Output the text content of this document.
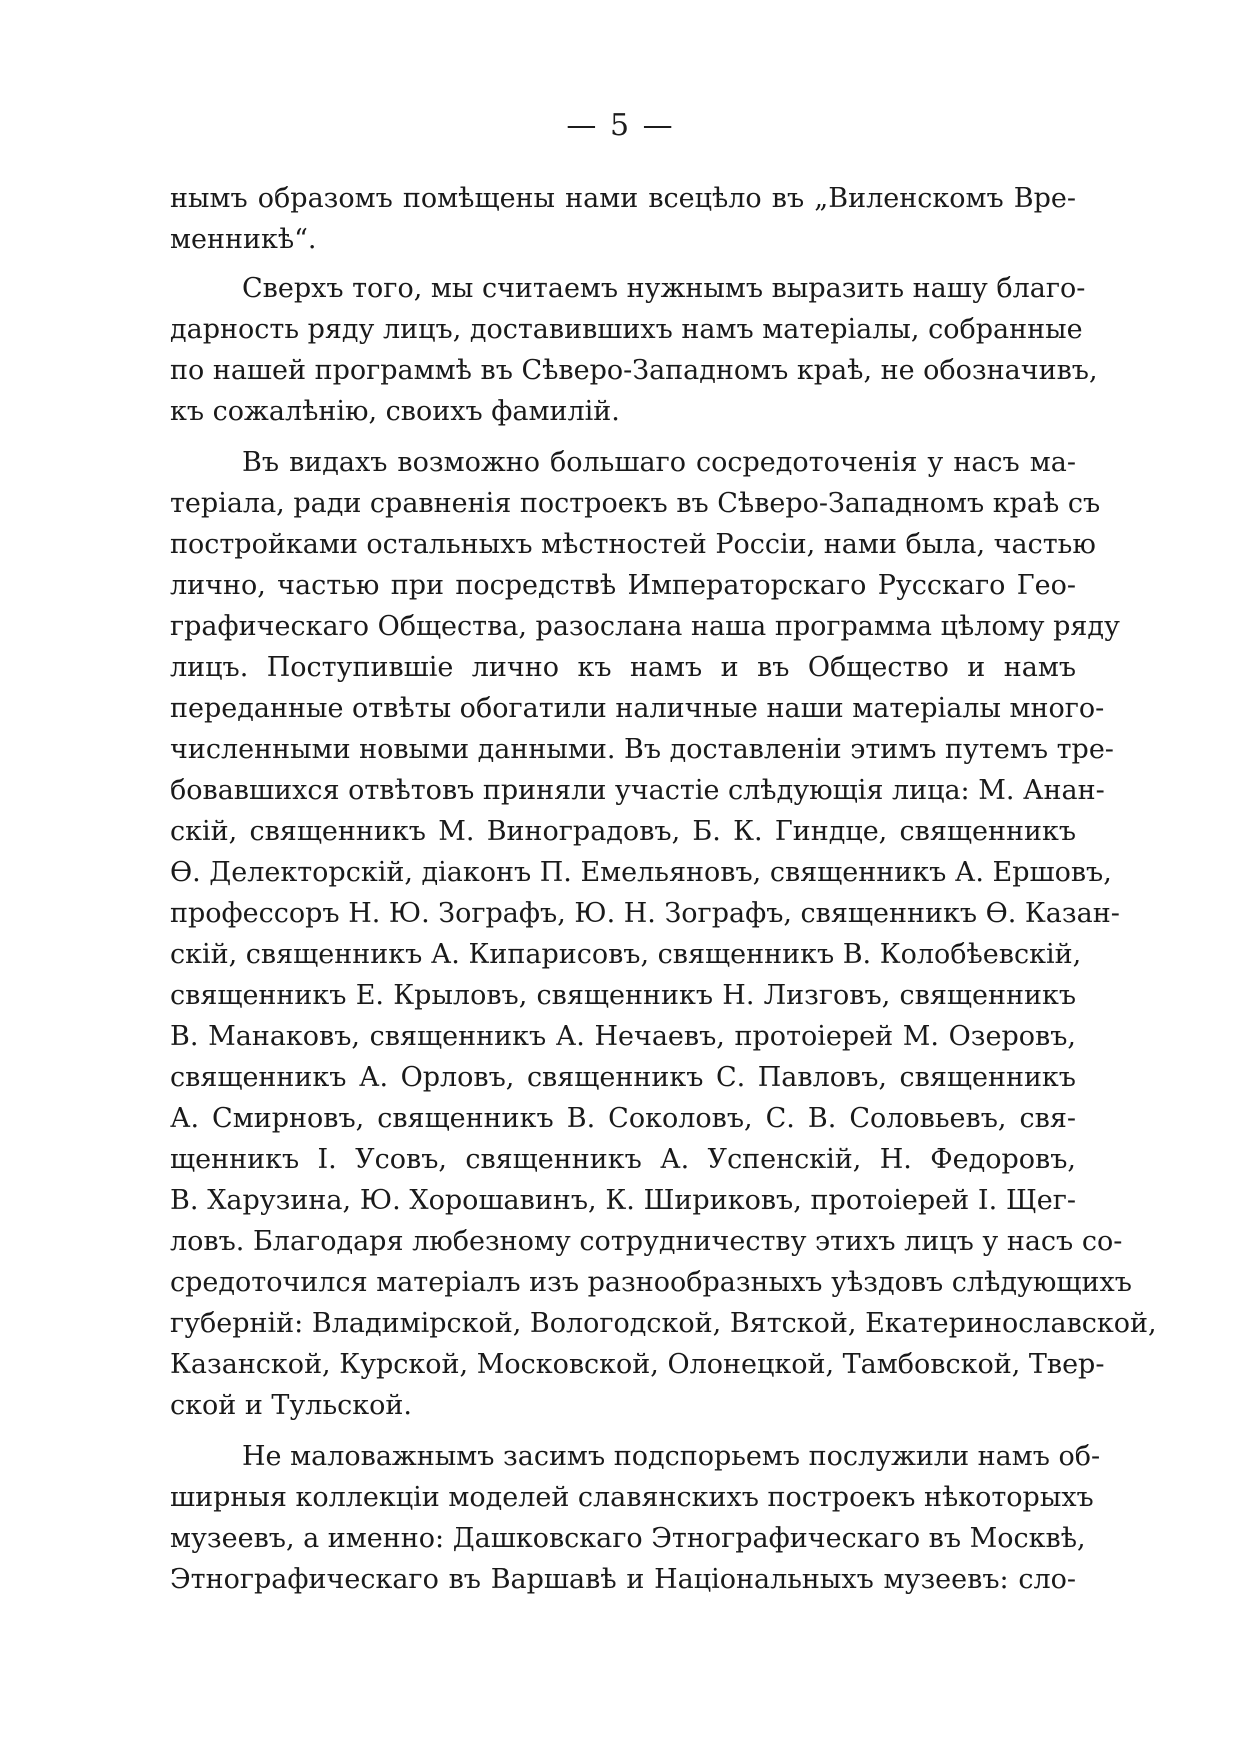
— 5 —
нымъ образомъ помѣщены нами всецѣло въ „Виленскомъ Вре-
менникѣ“.
Сверхъ того, мы считаемъ нужнымъ выразить нашу благо-
дарность ряду лицъ, доставившихъ намъ матеріалы, собранные
по нашей программѣ въ Сѣверо-Западномъ краѣ, не обозначивъ,
къ сожалѣнію, своихъ фамилій.
Въ видахъ возможно большаго сосредоточенія у насъ ма-
теріала, ради сравненія построекъ въ Сѣверо-Западномъ краѣ съ
постройками остальныхъ мѣстностей Россіи, нами была, частью
лично, частью при посредствѣ Императорскаго Русскаго Гео-
графическаго Общества, разослана наша программа цѣлому ряду
лицъ. Поступившіе лично къ намъ и въ Общество и намъ
переданные отвѣты обогатили наличные наши матеріалы много-
численными новыми данными. Въ доставленіи этимъ путемъ тре-
бовавшихся отвѣтовъ приняли участіе слѣдующія лица: М. Анан-
скій, священникъ М. Виноградовъ, Б. К. Гиндце, священникъ
Ѳ. Делекторскій, діаконъ П. Емельяновъ, священникъ А. Ершовъ,
профессоръ Н. Ю. Зографъ, Ю. Н. Зографъ, священникъ Ѳ. Казан-
скій, священникъ А. Кипарисовъ, священникъ В. Колобѣевскій,
священникъ Е. Крыловъ, священникъ Н. Лизговъ, священникъ
В. Манаковъ, священникъ А. Нечаевъ, протоіерей М. Озеровъ,
священникъ А. Орловъ, священникъ С. Павловъ, священникъ
А. Смирновъ, священникъ В. Соколовъ, С. В. Соловьевъ, свя-
щенникъ І. Усовъ, священникъ А. Успенскій, Н. Федоровъ,
В. Харузина, Ю. Хорошавинъ, К. Шириковъ, протоіерей І. Щег-
ловъ. Благодаря любезному сотрудничеству этихъ лицъ у насъ со-
средоточился матеріалъ изъ разнообразныхъ уѣздовъ слѣдующихъ
губерній: Владимірской, Вологодской, Вятской, Екатеринославской,
Казанской, Курской, Московской, Олонецкой, Тамбовской, Твер-
ской и Тульской.
Не маловажнымъ засимъ подспорьемъ послужили намъ об-
ширныя коллекціи моделей славянскихъ построекъ нѣкоторыхъ
музеевъ, а именно: Дашковскаго Этнографическаго въ Москвѣ,
Этнографическаго въ Варшавѣ и Національныхъ музеевъ: сло-
